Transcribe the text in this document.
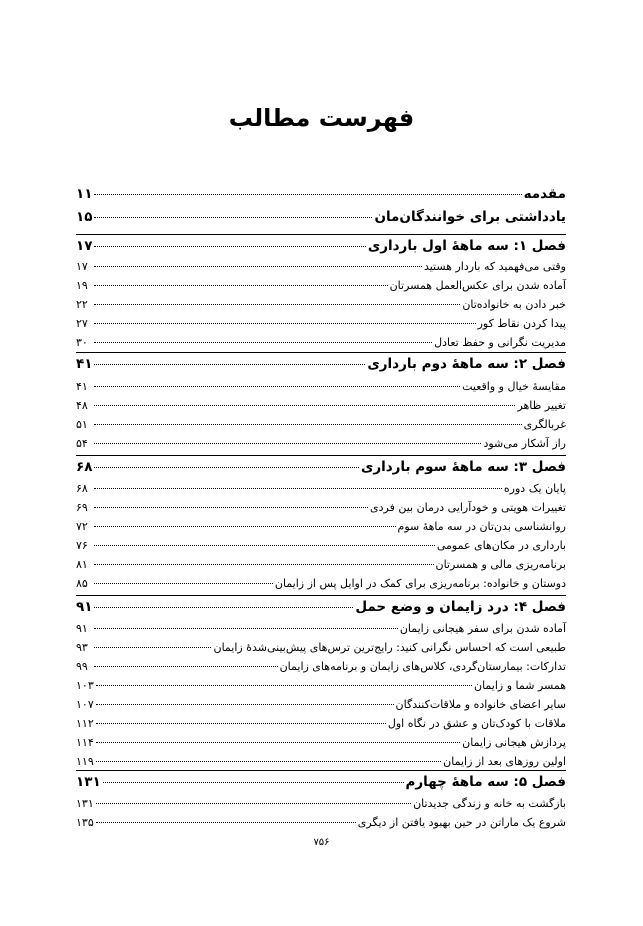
فهرست مطالب
مقدمه
۱۱
یادداشتی برای خوانندگان‌مان
۱۵
فصل ۱: سه ماههٔ اول بارداری
۱۷
وقتی می‌فهمید که باردار هستید
۱۷
آماده شدن برای عکس‌العمل همسرتان
۱۹
خبر دادن به خانواده‌تان
۲۲
پیدا کردن نقاط کور
۲۷
مدیریت نگرانی و حفظ تعادل
۳۰
فصل ۲: سه ماههٔ دوم بارداری
۴۱
مقایسهٔ خیال و واقعیت
۴۱
تغییر ظاهر
۴۸
غربالگری
۵۱
راز آشکار می‌شود
۵۴
فصل ۳: سه ماههٔ سوم بارداری
۶۸
پایان یک دوره
۶۸
تغییرات هویتی و خودآرایی درمان بین فردی
۶۹
روانشناسی بدن‌تان در سه ماههٔ سوم
۷۲
بارداری در مکان‌های عمومی
۷۶
برنامه‌ریزی مالی و همسرتان
۸۱
دوستان و خانواده: برنامه‌ریزی برای کمک در اوایل پس از زایمان
۸۵
فصل ۴: درد زایمان و وضع حمل
۹۱
آماده شدن برای سفر هیجانی زایمان
۹۱
طبیعی است که احساس نگرانی کنید: رایج‌ترین ترس‌های پیش‌بینی‌شدهٔ زایمان
۹۳
تدارکات: بیمارستان‌گردی، کلاس‌های زایمان و برنامه‌های زایمان
۹۹
همسر شما و زایمان
۱۰۳
سایر اعضای خانواده و ملاقات‌کنندگان
۱۰۷
ملاقات با کودک‌تان و عشق در نگاه اول
۱۱۲
پردازش هیجانی زایمان
۱۱۴
اولین روزهای بعد از زایمان
۱۱۹
فصل ۵: سه ماههٔ چهارم
۱۳۱
بازگشت به خانه و زندگی جدیدتان
۱۳۱
شروع یک ماراتن در حین بهبود یافتن از دیگری
۱۳۵
۷۵۶
